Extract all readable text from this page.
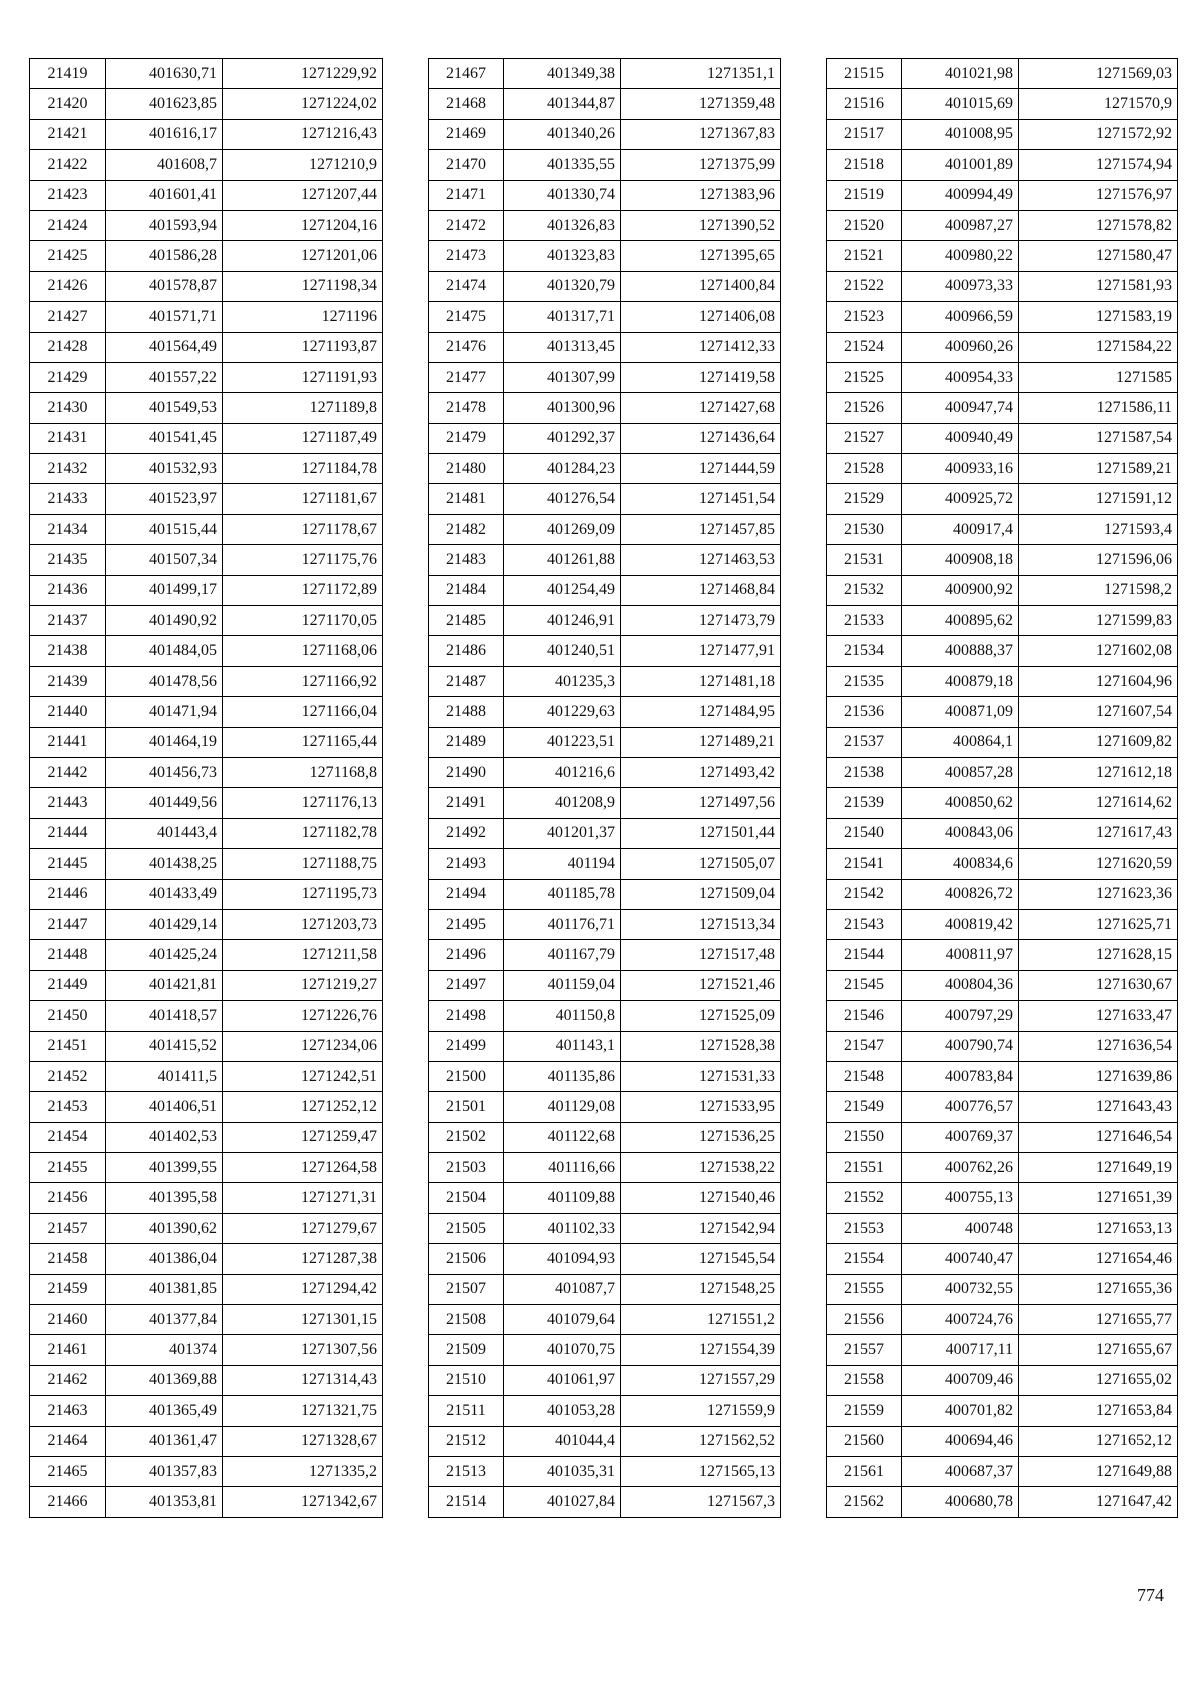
21419	401630,71	1271229,92
21420	401623,85	1271224,02
21421	401616,17	1271216,43
21422	401608,7	1271210,9
21423	401601,41	1271207,44
21424	401593,94	1271204,16
21425	401586,28	1271201,06
21426	401578,87	1271198,34
21427	401571,71	1271196
21428	401564,49	1271193,87
21429	401557,22	1271191,93
21430	401549,53	1271189,8
21431	401541,45	1271187,49
21432	401532,93	1271184,78
21433	401523,97	1271181,67
21434	401515,44	1271178,67
21435	401507,34	1271175,76
21436	401499,17	1271172,89
21437	401490,92	1271170,05
21438	401484,05	1271168,06
21439	401478,56	1271166,92
21440	401471,94	1271166,04
21441	401464,19	1271165,44
21442	401456,73	1271168,8
21443	401449,56	1271176,13
21444	401443,4	1271182,78
21445	401438,25	1271188,75
21446	401433,49	1271195,73
21447	401429,14	1271203,73
21448	401425,24	1271211,58
21449	401421,81	1271219,27
21450	401418,57	1271226,76
21451	401415,52	1271234,06
21452	401411,5	1271242,51
21453	401406,51	1271252,12
21454	401402,53	1271259,47
21455	401399,55	1271264,58
21456	401395,58	1271271,31
21457	401390,62	1271279,67
21458	401386,04	1271287,38
21459	401381,85	1271294,42
21460	401377,84	1271301,15
21461	401374	1271307,56
21462	401369,88	1271314,43
21463	401365,49	1271321,75
21464	401361,47	1271328,67
21465	401357,83	1271335,2
21466	401353,81	1271342,67
21467	401349,38	1271351,1
21468	401344,87	1271359,48
21469	401340,26	1271367,83
21470	401335,55	1271375,99
21471	401330,74	1271383,96
21472	401326,83	1271390,52
21473	401323,83	1271395,65
21474	401320,79	1271400,84
21475	401317,71	1271406,08
21476	401313,45	1271412,33
21477	401307,99	1271419,58
21478	401300,96	1271427,68
21479	401292,37	1271436,64
21480	401284,23	1271444,59
21481	401276,54	1271451,54
21482	401269,09	1271457,85
21483	401261,88	1271463,53
21484	401254,49	1271468,84
21485	401246,91	1271473,79
21486	401240,51	1271477,91
21487	401235,3	1271481,18
21488	401229,63	1271484,95
21489	401223,51	1271489,21
21490	401216,6	1271493,42
21491	401208,9	1271497,56
21492	401201,37	1271501,44
21493	401194	1271505,07
21494	401185,78	1271509,04
21495	401176,71	1271513,34
21496	401167,79	1271517,48
21497	401159,04	1271521,46
21498	401150,8	1271525,09
21499	401143,1	1271528,38
21500	401135,86	1271531,33
21501	401129,08	1271533,95
21502	401122,68	1271536,25
21503	401116,66	1271538,22
21504	401109,88	1271540,46
21505	401102,33	1271542,94
21506	401094,93	1271545,54
21507	401087,7	1271548,25
21508	401079,64	1271551,2
21509	401070,75	1271554,39
21510	401061,97	1271557,29
21511	401053,28	1271559,9
21512	401044,4	1271562,52
21513	401035,31	1271565,13
21514	401027,84	1271567,3
21515	401021,98	1271569,03
21516	401015,69	1271570,9
21517	401008,95	1271572,92
21518	401001,89	1271574,94
21519	400994,49	1271576,97
21520	400987,27	1271578,82
21521	400980,22	1271580,47
21522	400973,33	1271581,93
21523	400966,59	1271583,19
21524	400960,26	1271584,22
21525	400954,33	1271585
21526	400947,74	1271586,11
21527	400940,49	1271587,54
21528	400933,16	1271589,21
21529	400925,72	1271591,12
21530	400917,4	1271593,4
21531	400908,18	1271596,06
21532	400900,92	1271598,2
21533	400895,62	1271599,83
21534	400888,37	1271602,08
21535	400879,18	1271604,96
21536	400871,09	1271607,54
21537	400864,1	1271609,82
21538	400857,28	1271612,18
21539	400850,62	1271614,62
21540	400843,06	1271617,43
21541	400834,6	1271620,59
21542	400826,72	1271623,36
21543	400819,42	1271625,71
21544	400811,97	1271628,15
21545	400804,36	1271630,67
21546	400797,29	1271633,47
21547	400790,74	1271636,54
21548	400783,84	1271639,86
21549	400776,57	1271643,43
21550	400769,37	1271646,54
21551	400762,26	1271649,19
21552	400755,13	1271651,39
21553	400748	1271653,13
21554	400740,47	1271654,46
21555	400732,55	1271655,36
21556	400724,76	1271655,77
21557	400717,11	1271655,67
21558	400709,46	1271655,02
21559	400701,82	1271653,84
21560	400694,46	1271652,12
21561	400687,37	1271649,88
21562	400680,78	1271647,42
774
